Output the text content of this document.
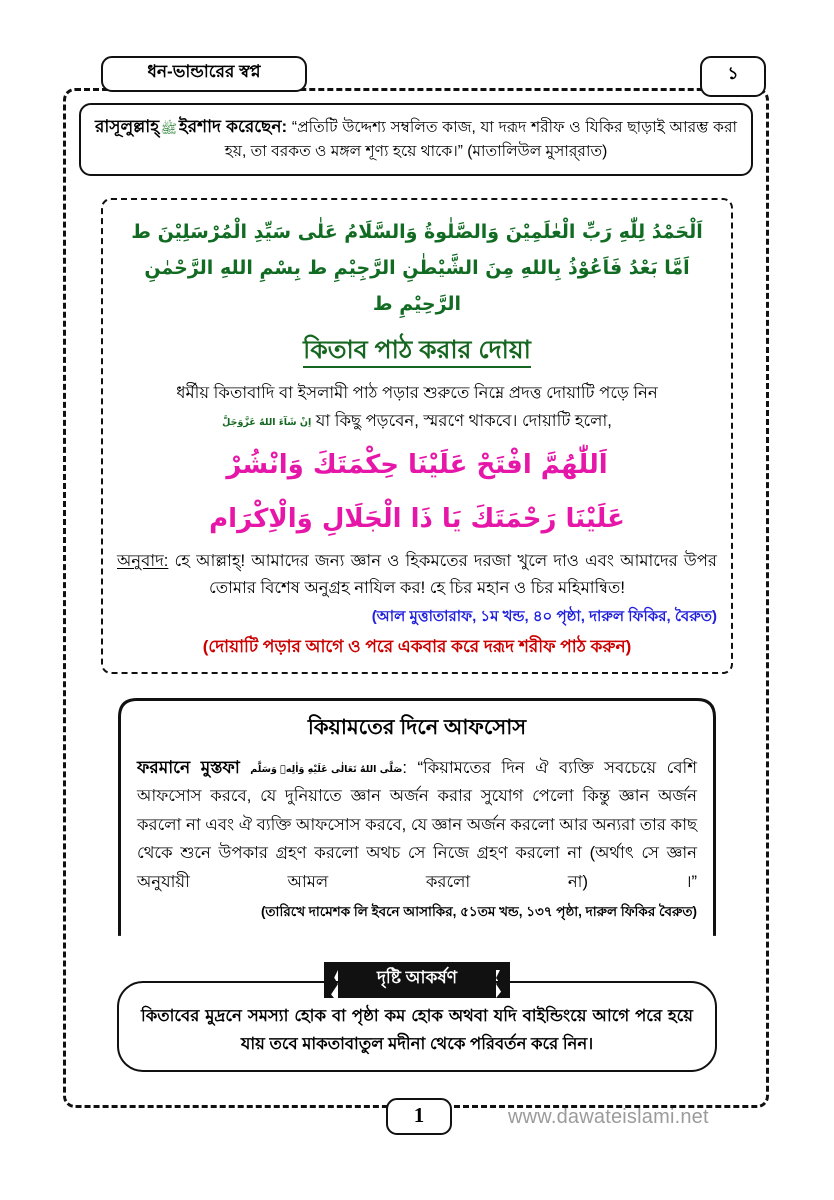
ধন-ভান্ডারের স্বপ্ন	১
রাসূলুল্লাহ্ ﷺইরশাদ করেছেন: “প্রতিটি উদ্দেশ্য সম্বলিত কাজ, যা দরূদ শরীফ ও যিকির ছাড়াই আরম্ভ করা হয়, তা বরকত ও মঙ্গল শূণ্য হয়ে থাকে।” (মাতালিউল মুসার্‌রাত)
اَلْحَمْدُ لِلّٰهِ رَبِّ الْعٰلَمِيْنَ وَالصَّلٰوةُ وَالسَّلَامُ عَلٰى سَيِّدِ الْمُرْسَلِيْنَ ط
اَمَّا بَعْدُ فَاَعُوْذُ بِاللهِ مِنَ الشَّيْطٰنِ الرَّجِيْمِ ط بِسْمِ اللهِ الرَّحْمٰنِ الرَّحِيْمِ ط
কিতাব পাঠ করার দোয়া
ধর্মীয় কিতাবাদি বা ইসলামী পাঠ পড়ার শুরুতে নিম্নে প্রদত্ত দোয়াটি পড়ে নিন
اِنْ شَآءَ اللهُ عَزَّوَجَلَّ যা কিছু পড়বেন, স্মরণে থাকবে। দোয়াটি হলো,
اَللّٰهُمَّ افْتَحْ عَلَيْنَا حِكْمَتَكَ وَانْشُرْ
عَلَيْنَا رَحْمَتَكَ يَا ذَا الْجَلَالِ وَالْاِكْرَام
অনুবাদ: হে আল্লাহ্! আমাদের জন্য জ্ঞান ও হিকমতের দরজা খুলে দাও এবং আমাদের উপর তোমার বিশেষ অনুগ্রহ নাযিল কর! হে চির মহান ও চির মহিমান্বিত!
(আল মুত্তাতারাফ, ১ম খন্ড, ৪০ পৃষ্ঠা, দারুল ফিকির, বৈরুত)
(দোয়াটি পড়ার আগে ও পরে একবার করে দরূদ শরীফ পাঠ করুন)
কিয়ামতের দিনে আফসোস
ফরমানে মুস্তফা صَلَّى اللهُ تَعَالٰى عَلَيْهِ وَاٰلِهٖ وَسَلَّم: “কিয়ামতের দিন ঐ ব্যক্তি সবচেয়ে বেশি আফসোস করবে, যে দুনিয়াতে জ্ঞান অর্জন করার সুযোগ পেলো কিন্তু জ্ঞান অর্জন করলো না এবং ঐ ব্যক্তি আফসোস করবে, যে জ্ঞান অর্জন করলো আর অন্যরা তার কাছ থেকে শুনে উপকার গ্রহণ করলো অথচ সে নিজে গ্রহণ করলো না (অর্থাৎ সে জ্ঞান অনুযায়ী আমল করলো না) ।”
(তারিখে দামেশক লি ইবনে আসাকির, ৫১তম খন্ড, ১৩৭ পৃষ্ঠা, দারুল ফিকির বৈরুত)
দৃষ্টি আকর্ষণ
কিতাবের মুদ্রনে সমস্যা হোক বা পৃষ্ঠা কম হোক অথবা যদি বাইন্ডিংয়ে আগে পরে হয়ে যায় তবে মাকতাবাতুল মদীনা থেকে পরিবর্তন করে নিন।
1	www.dawateislami.net
